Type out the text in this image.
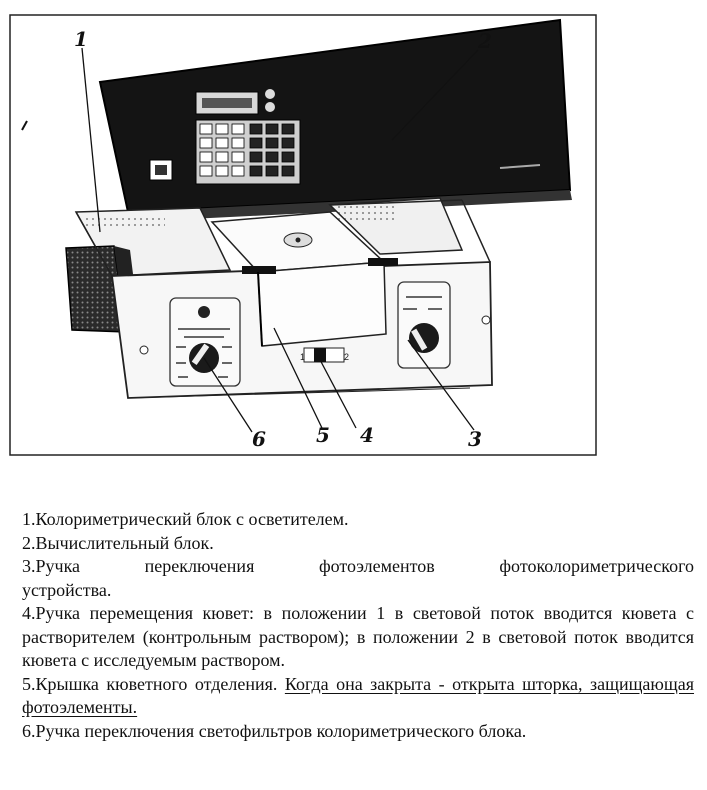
1	2
1	2
3
4
5
6

1.Колориметрический блок с осветителем.

2.Вычислительный блок.

3.Ручка	переключения	фотоэлементов	фотоколориметрического

устройства.

4.Ручка перемещения кювет: в положении 1 в световой поток вводится кювета с растворителем (контрольным раствором); в положении 2 в световой поток вводится кювета с исследуемым раствором.

5.Крышка кюветного отделения. Когда она закрыта - открыта шторка, защищающая фотоэлементы.

6.Ручка переключения светофильтров колориметрического блока.
